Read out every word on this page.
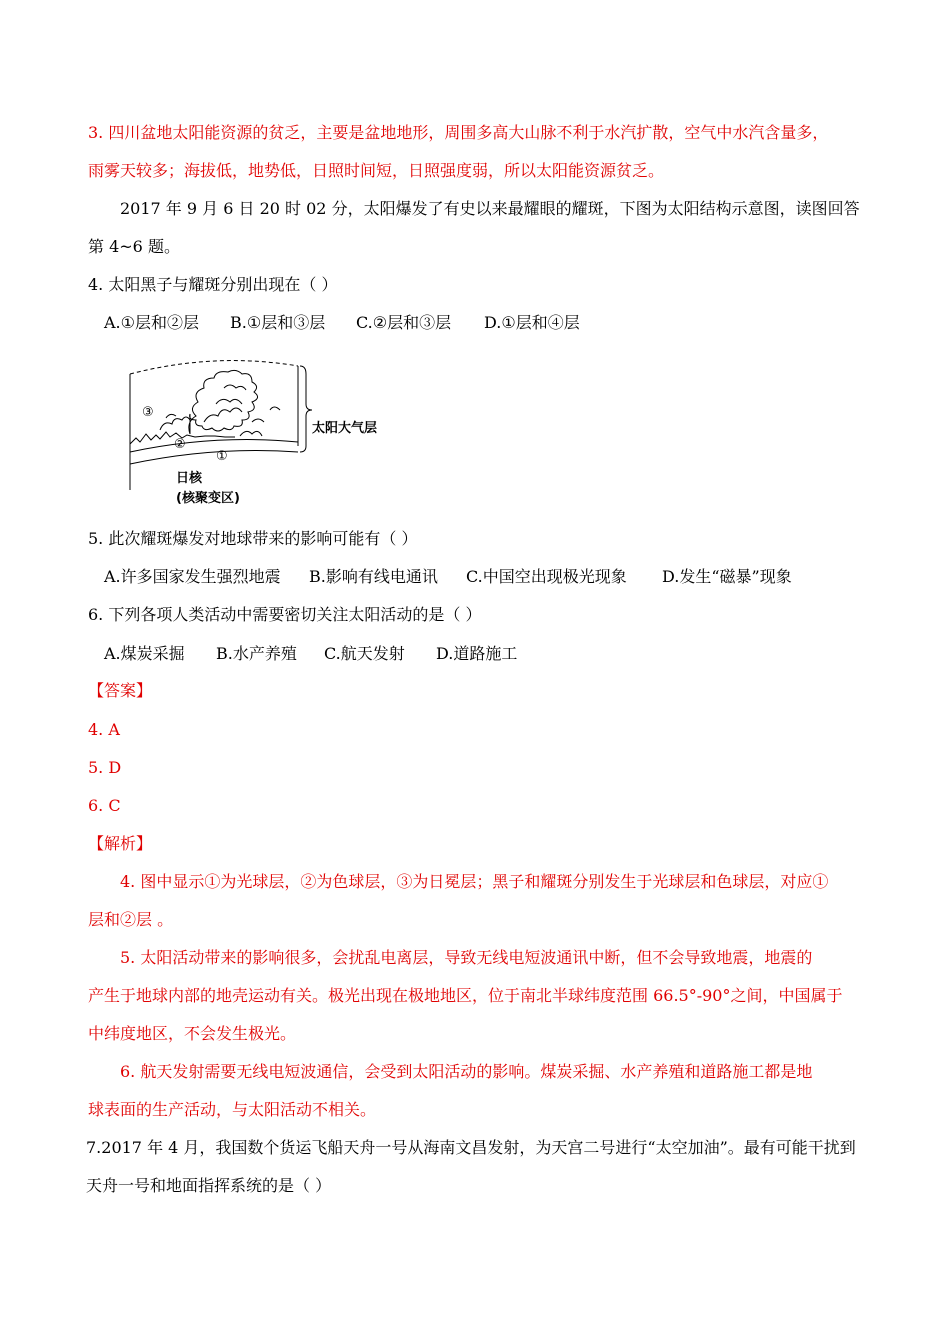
3. 四川盆地太阳能资源的贫乏，主要是盆地地形，周围多高大山脉不利于水汽扩散，空气中水汽含量多，
雨雾天较多；海拔低，地势低，日照时间短，日照强度弱，所以太阳能资源贫乏。
2017 年 9 月 6 日 20 时 02 分，太阳爆发了有史以来最耀眼的耀斑，下图为太阳结构示意图，读图回答
第 4~6 题。
4. 太阳黑子与耀斑分别出现在（ ）
A.①层和②层 B.①层和③层 C.②层和③层 D.①层和④层
③
②
①
太阳大气层
日核
(核聚变区)
5. 此次耀斑爆发对地球带来的影响可能有（ ）
A.许多国家发生强烈地震 B.影响有线电通讯 C.中国空出现极光现象 D.发生“磁暴”现象
6. 下列各项人类活动中需要密切关注太阳活动的是（ ）
A.煤炭采掘 B.水产养殖 C.航天发射 D.道路施工
【答案】
4. A
5. D
6. C
【解析】
4. 图中显示①为光球层，②为色球层，③为日冕层；黑子和耀斑分别发生于光球层和色球层，对应①
层和②层 。
5. 太阳活动带来的影响很多，会扰乱电离层，导致无线电短波通讯中断，但不会导致地震，地震的
产生于地球内部的地壳运动有关。极光出现在极地地区，位于南北半球纬度范围 66.5°-90°之间，中国属于
中纬度地区，不会发生极光。
6. 航天发射需要无线电短波通信，会受到太阳活动的影响。煤炭采掘、水产养殖和道路施工都是地
球表面的生产活动，与太阳活动不相关。
7.2017 年 4 月，我国数个货运飞船天舟一号从海南文昌发射，为天宫二号进行“太空加油”。最有可能干扰到
天舟一号和地面指挥系统的是（ ）
